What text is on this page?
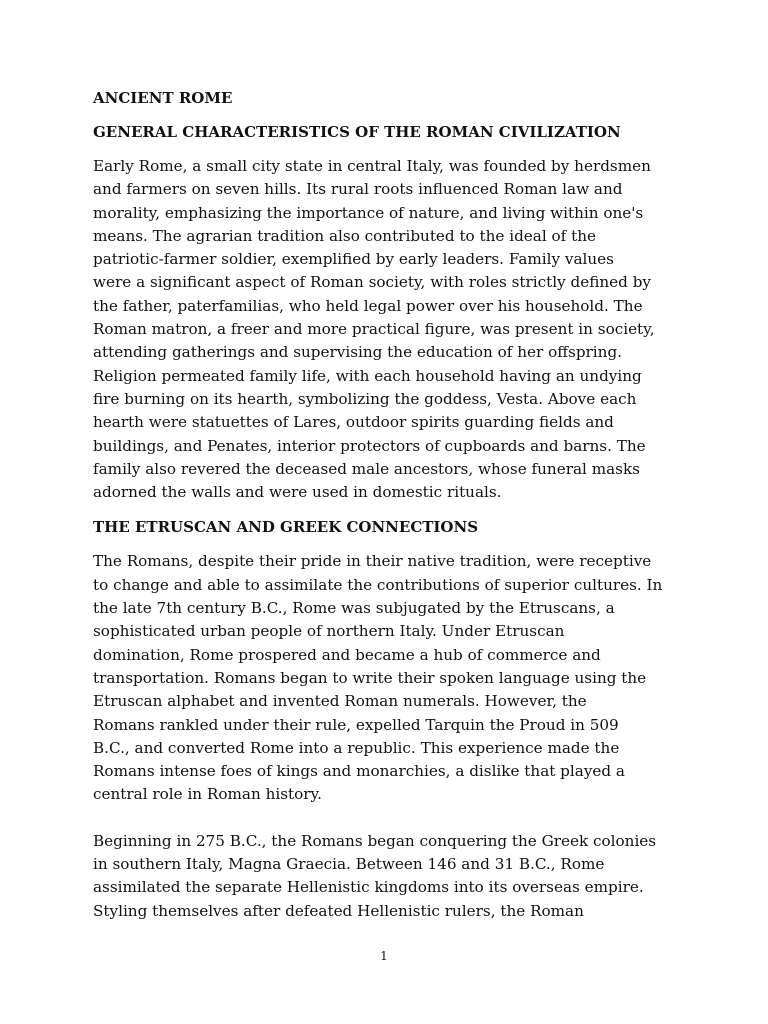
ANCIENT ROME
GENERAL CHARACTERISTICS OF THE ROMAN CIVILIZATION

Early Rome, a small city state in central Italy, was founded by herdsmen
and farmers on seven hills. Its rural roots influenced Roman law and
morality, emphasizing the importance of nature, and living within one's
means. The agrarian tradition also contributed to the ideal of the
patriotic-farmer soldier, exemplified by early leaders. Family values
were a significant aspect of Roman society, with roles strictly defined by
the father, paterfamilias, who held legal power over his household. The
Roman matron, a freer and more practical figure, was present in society,
attending gatherings and supervising the education of her offspring.
Religion permeated family life, with each household having an undying
fire burning on its hearth, symbolizing the goddess, Vesta. Above each
hearth were statuettes of Lares, outdoor spirits guarding fields and
buildings, and Penates, interior protectors of cupboards and barns. The
family also revered the deceased male ancestors, whose funeral masks
adorned the walls and were used in domestic rituals.

THE ETRUSCAN AND GREEK CONNECTIONS

The Romans, despite their pride in their native tradition, were receptive
to change and able to assimilate the contributions of superior cultures. In
the late 7th century B.C., Rome was subjugated by the Etruscans, a
sophisticated urban people of northern Italy. Under Etruscan
domination, Rome prospered and became a hub of commerce and
transportation. Romans began to write their spoken language using the
Etruscan alphabet and invented Roman numerals. However, the
Romans rankled under their rule, expelled Tarquin the Proud in 509
B.C., and converted Rome into a republic. This experience made the
Romans intense foes of kings and monarchies, a dislike that played a
central role in Roman history.

Beginning in 275 B.C., the Romans began conquering the Greek colonies
in southern Italy, Magna Graecia. Between 146 and 31 B.C., Rome
assimilated the separate Hellenistic kingdoms into its overseas empire.
Styling themselves after defeated Hellenistic rulers, the Roman

1
